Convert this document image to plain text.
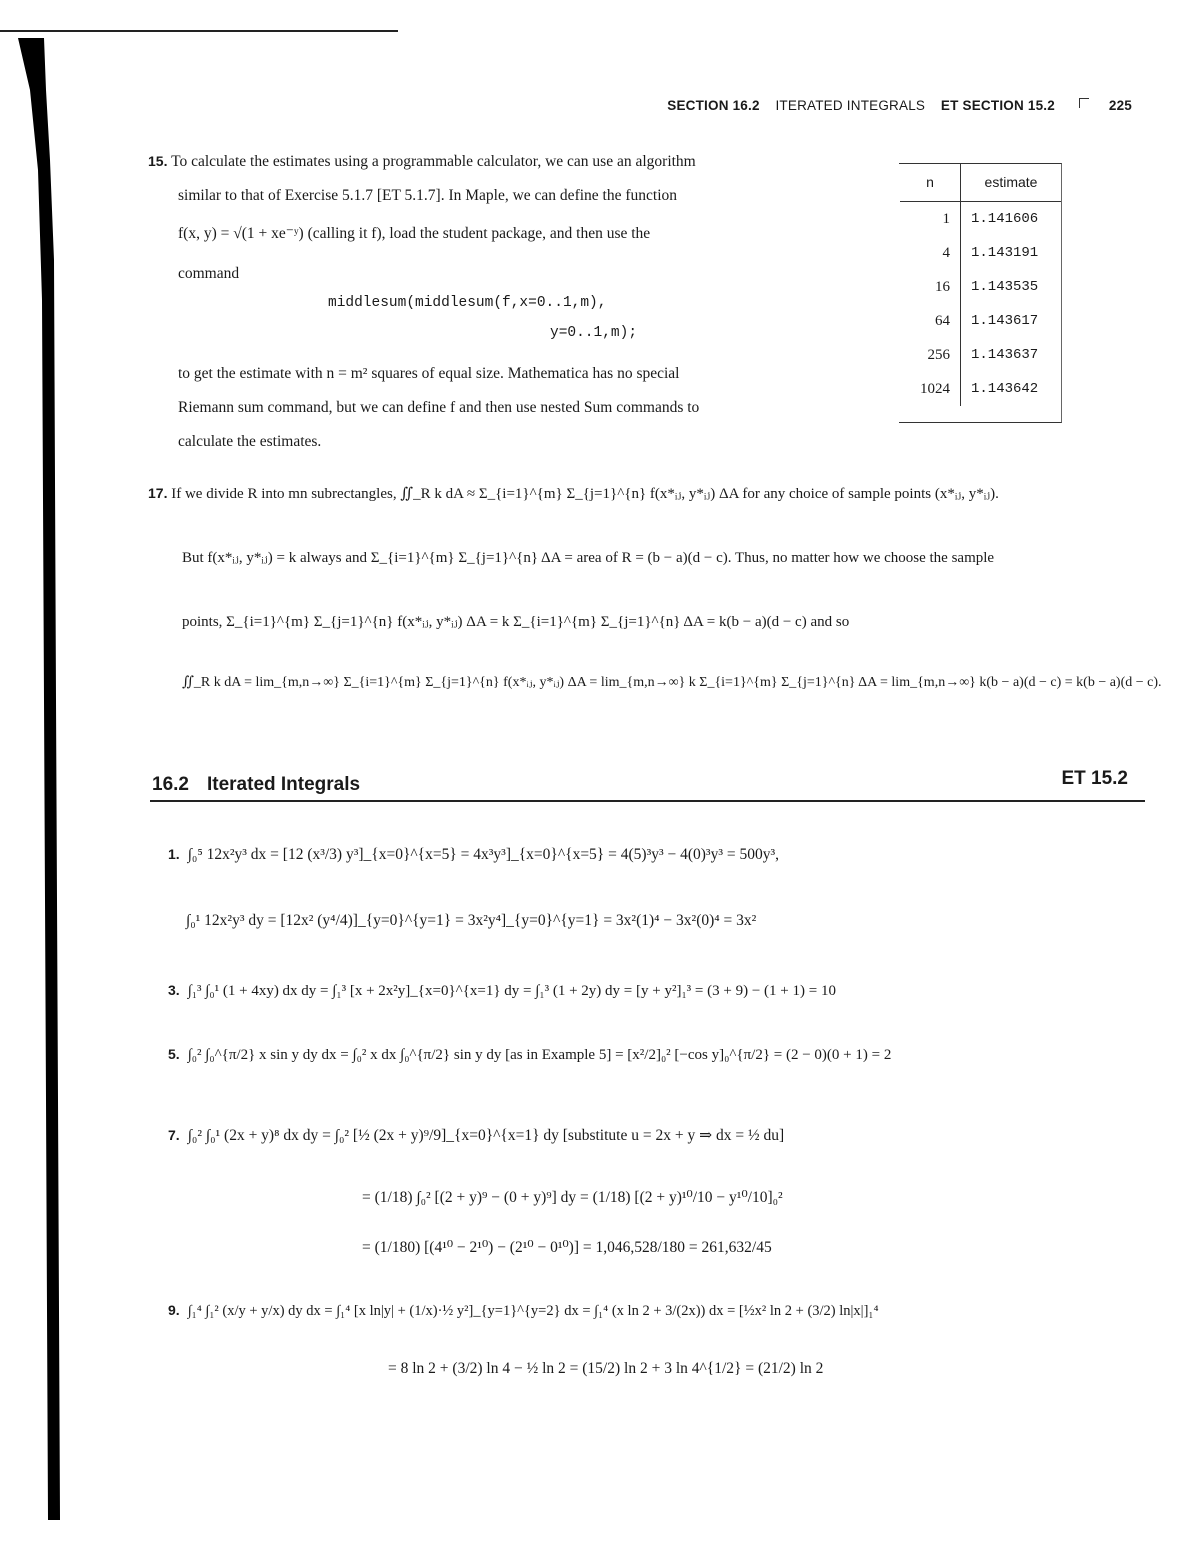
SECTION 16.2 ITERATED INTEGRALS ET SECTION 15.2	225
15. To calculate the estimates using a programmable calculator, we can use an algorithm
similar to that of Exercise 5.1.7 [ET 5.1.7]. In Maple, we can define the function
f(x, y) = √(1 + xe⁻ʸ) (calling it f), load the student package, and then use the
command
middlesum(middlesum(f,x=0..1,m),
y=0..1,m);
to get the estimate with n = m² squares of equal size. Mathematica has no special
Riemann sum command, but we can define f and then use nested Sum commands to
calculate the estimates.
n	estimate
1	1.141606
4	1.143191
16	1.143535
64	1.143617
256	1.143637
1024	1.143642
17. If we divide R into mn subrectangles, ∬_R k dA ≈ Σ_{i=1}^{m} Σ_{j=1}^{n} f(x*ᵢⱼ, y*ᵢⱼ) ΔA for any choice of sample points (x*ᵢⱼ, y*ᵢⱼ).
But f(x*ᵢⱼ, y*ᵢⱼ) = k always and Σ_{i=1}^{m} Σ_{j=1}^{n} ΔA = area of R = (b − a)(d − c). Thus, no matter how we choose the sample
points, Σ_{i=1}^{m} Σ_{j=1}^{n} f(x*ᵢⱼ, y*ᵢⱼ) ΔA = k Σ_{i=1}^{m} Σ_{j=1}^{n} ΔA = k(b − a)(d − c) and so
∬_R k dA = lim_{m,n→∞} Σ_{i=1}^{m} Σ_{j=1}^{n} f(x*ᵢⱼ, y*ᵢⱼ) ΔA = lim_{m,n→∞} k Σ_{i=1}^{m} Σ_{j=1}^{n} ΔA = lim_{m,n→∞} k(b − a)(d − c) = k(b − a)(d − c).
16.2 Iterated Integrals	ET 15.2
1. ∫₀⁵ 12x²y³ dx = [12 (x³/3) y³]_{x=0}^{x=5} = 4x³y³]_{x=0}^{x=5} = 4(5)³y³ − 4(0)³y³ = 500y³,
∫₀¹ 12x²y³ dy = [12x² (y⁴/4)]_{y=0}^{y=1} = 3x²y⁴]_{y=0}^{y=1} = 3x²(1)⁴ − 3x²(0)⁴ = 3x²
3. ∫₁³ ∫₀¹ (1 + 4xy) dx dy = ∫₁³ [x + 2x²y]_{x=0}^{x=1} dy = ∫₁³ (1 + 2y) dy = [y + y²]₁³ = (3 + 9) − (1 + 1) = 10
5. ∫₀² ∫₀^{π/2} x sin y dy dx = ∫₀² x dx ∫₀^{π/2} sin y dy [as in Example 5] = [x²/2]₀² [−cos y]₀^{π/2} = (2 − 0)(0 + 1) = 2
7. ∫₀² ∫₀¹ (2x + y)⁸ dx dy = ∫₀² [½ (2x + y)⁹/9]_{x=0}^{x=1} dy [substitute u = 2x + y ⇒ dx = ½ du]
= (1/18) ∫₀² [(2 + y)⁹ − (0 + y)⁹] dy = (1/18) [(2 + y)¹⁰/10 − y¹⁰/10]₀²
= (1/180) [(4¹⁰ − 2¹⁰) − (2¹⁰ − 0¹⁰)] = 1,046,528/180 = 261,632/45
9. ∫₁⁴ ∫₁² (x/y + y/x) dy dx = ∫₁⁴ [x ln|y| + (1/x)·½ y²]_{y=1}^{y=2} dx = ∫₁⁴ (x ln 2 + 3/(2x)) dx = [½x² ln 2 + (3/2) ln|x|]₁⁴
= 8 ln 2 + (3/2) ln 4 − ½ ln 2 = (15/2) ln 2 + 3 ln 4^{1/2} = (21/2) ln 2
